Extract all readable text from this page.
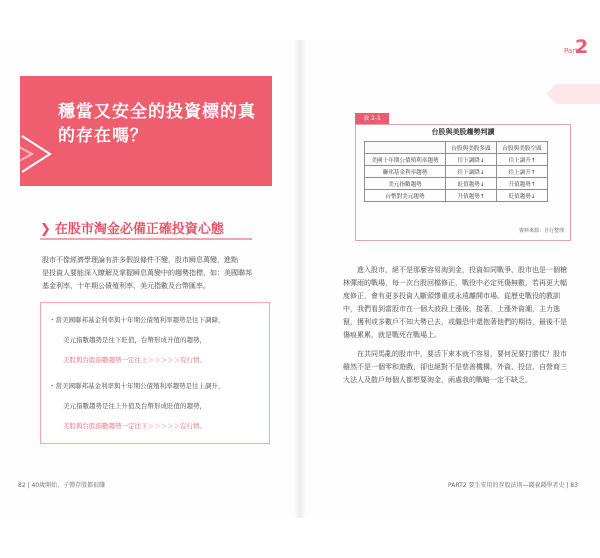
穩當又安全的投資標的真
的存在嗎？
❯ 在股市淘金必備正確投資心態
股市不像經濟學理論有許多假設條件不變，股市瞬息萬變，進點
是投資人要能深入瞭解及掌握瞬息萬變中的趨勢指標，如：美國聯邦
基金利率、十年期公債殖利率、美元指數及台幣匯率。
・當美國聯邦基金利率與十年期公債殖利率趨勢是往下調降，
美元指數趨勢是往下貶值，台幣形成升值的趨勢，
美股與台股指數趨勢一定往上＞＞＞＞＞有行情。
・當美國聯邦基金利率與十年期公債殖利率趨勢是往上調升，
美元指數趨勢是往上升值及台幣形成貶值的趨勢，
美股與台股指數趨勢一定往下＞＞＞＞＞沒行情。
82 | 40歲開始，子彈存股都很賺
Part
2
表 2-1
台股與美股趨勢判讀
	台股與美股多頭	台股與美股空頭
美國十年期公債殖利率趨勢	往下調降↓	往上調升↑
聯邦基金利率趨勢	往下調降↓	往上調升↑
美元指數趨勢	貶值趨勢↓	升值趨勢↑
台幣對美元趨勢	升值趨勢↑	貶值趨勢↓
資料來源：自行整理

進入股市，絕不是那麼容易淘到金，投資如同戰爭，股市也是一個槍林彈雨的戰場，每一次台股回檔修正，戰役中必定死傷無數，若再更大幅度修正，會有更多投資人斷頭慘重或永遠離開市場。從歷史戰役的教訓中，我們看到當股市在一個大波段上漲後，接著，上漲外資潮，主力逃竄，獲利或多數戶不知大勢已去，或繼恐中還抱著他們的期待，最後不是傷痕累累，就是戰死在戰場上。

在共同馬亂的股市中，要活下來本就不容易，要何況要打勝仗？股市雖然不是一個零和遊戲，卻也絕對不是慈善機構，外資、投信、自營商三大法人及散戶每個人都想要淘金，兩處我的戰略一定不缺乏。

PART2 要生安用的存股法則—錢養錢學者史 | 83
